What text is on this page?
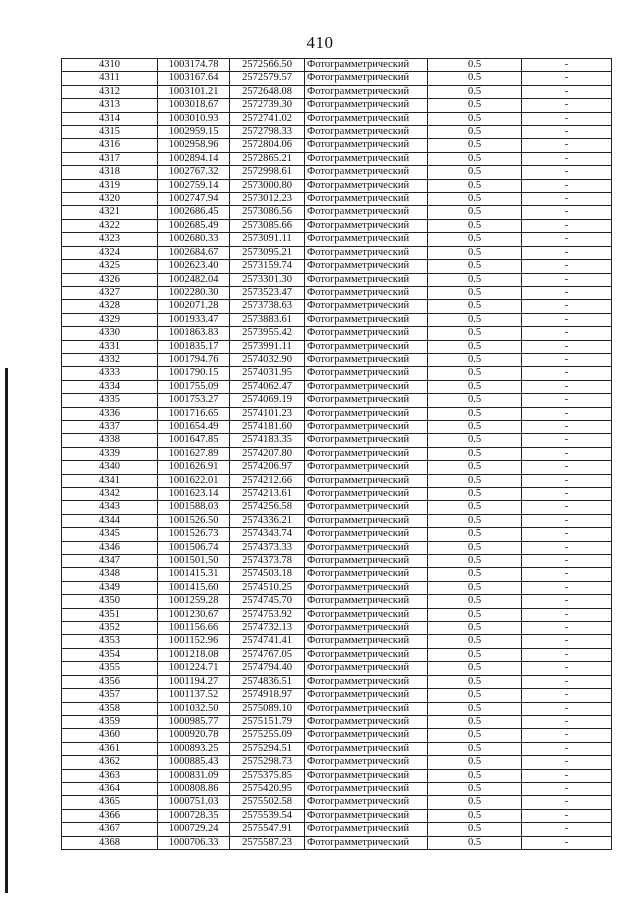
410
4310	1003174.78	2572566.50	Фотограмметрический	0.5	-
4311	1003167.64	2572579.57	Фотограмметрический	0.5	-
4312	1003101.21	2572648.08	Фотограмметрический	0.5	-
4313	1003018.67	2572739.30	Фотограмметрический	0.5	-
4314	1003010.93	2572741.02	Фотограмметрический	0.5	-
4315	1002959.15	2572798.33	Фотограмметрический	0.5	-
4316	1002958.96	2572804.06	Фотограмметрический	0.5	-
4317	1002894.14	2572865.21	Фотограмметрический	0.5	-
4318	1002767.32	2572998.61	Фотограмметрический	0.5	-
4319	1002759.14	2573000.80	Фотограмметрический	0.5	-
4320	1002747.94	2573012.23	Фотограмметрический	0.5	-
4321	1002686.45	2573086.56	Фотограмметрический	0.5	-
4322	1002685.49	2573085.66	Фотограмметрический	0.5	-
4323	1002680.33	2573091.11	Фотограмметрический	0.5	-
4324	1002684.67	2573095.21	Фотограмметрический	0.5	-
4325	1002623.40	2573159.74	Фотограмметрический	0.5	-
4326	1002482.04	2573301.30	Фотограмметрический	0.5	-
4327	1002280.30	2573523.47	Фотограмметрический	0.5	-
4328	1002071.28	2573738.63	Фотограмметрический	0.5	-
4329	1001933.47	2573883.61	Фотограмметрический	0.5	-
4330	1001863.83	2573955.42	Фотограмметрический	0.5	-
4331	1001835.17	2573991.11	Фотограмметрический	0.5	-
4332	1001794.76	2574032.90	Фотограмметрический	0.5	-
4333	1001790.15	2574031.95	Фотограмметрический	0.5	-
4334	1001755.09	2574062.47	Фотограмметрический	0.5	-
4335	1001753.27	2574069.19	Фотограмметрический	0.5	-
4336	1001716.65	2574101.23	Фотограмметрический	0.5	-
4337	1001654.49	2574181.60	Фотограмметрический	0.5	-
4338	1001647.85	2574183.35	Фотограмметрический	0.5	-
4339	1001627.89	2574207.80	Фотограмметрический	0.5	-
4340	1001626.91	2574206.97	Фотограмметрический	0.5	-
4341	1001622.01	2574212.66	Фотограмметрический	0.5	-
4342	1001623.14	2574213.61	Фотограмметрический	0.5	-
4343	1001588.03	2574256.58	Фотограмметрический	0.5	-
4344	1001526.50	2574336.21	Фотограмметрический	0.5	-
4345	1001526.73	2574343.74	Фотограмметрический	0.5	-
4346	1001506.74	2574373.33	Фотограмметрический	0.5	-
4347	1001501.50	2574373.78	Фотограмметрический	0.5	-
4348	1001415.31	2574503.18	Фотограмметрический	0.5	-
4349	1001415.60	2574510.25	Фотограмметрический	0.5	-
4350	1001259.28	2574745.70	Фотограмметрический	0.5	-
4351	1001230.67	2574753.92	Фотограмметрический	0.5	-
4352	1001156.66	2574732.13	Фотограмметрический	0.5	-
4353	1001152.96	2574741.41	Фотограмметрический	0.5	-
4354	1001218.08	2574767.05	Фотограмметрический	0.5	-
4355	1001224.71	2574794.40	Фотограмметрический	0.5	-
4356	1001194.27	2574836.51	Фотограмметрический	0.5	-
4357	1001137.52	2574918.97	Фотограмметрический	0.5	-
4358	1001032.50	2575089.10	Фотограмметрический	0.5	-
4359	1000985.77	2575151.79	Фотограмметрический	0.5	-
4360	1000920.78	2575255.09	Фотограмметрический	0.5	-
4361	1000893.25	2575294.51	Фотограмметрический	0.5	-
4362	1000885.43	2575298.73	Фотограмметрический	0.5	-
4363	1000831.09	2575375.85	Фотограмметрический	0.5	-
4364	1000808.86	2575420.95	Фотограмметрический	0.5	-
4365	1000751.03	2575502.58	Фотограмметрический	0.5	-
4366	1000728.35	2575539.54	Фотограмметрический	0.5	-
4367	1000729.24	2575547.91	Фотограмметрический	0.5	-
4368	1000706.33	2575587.23	Фотограмметрический	0.5	-
